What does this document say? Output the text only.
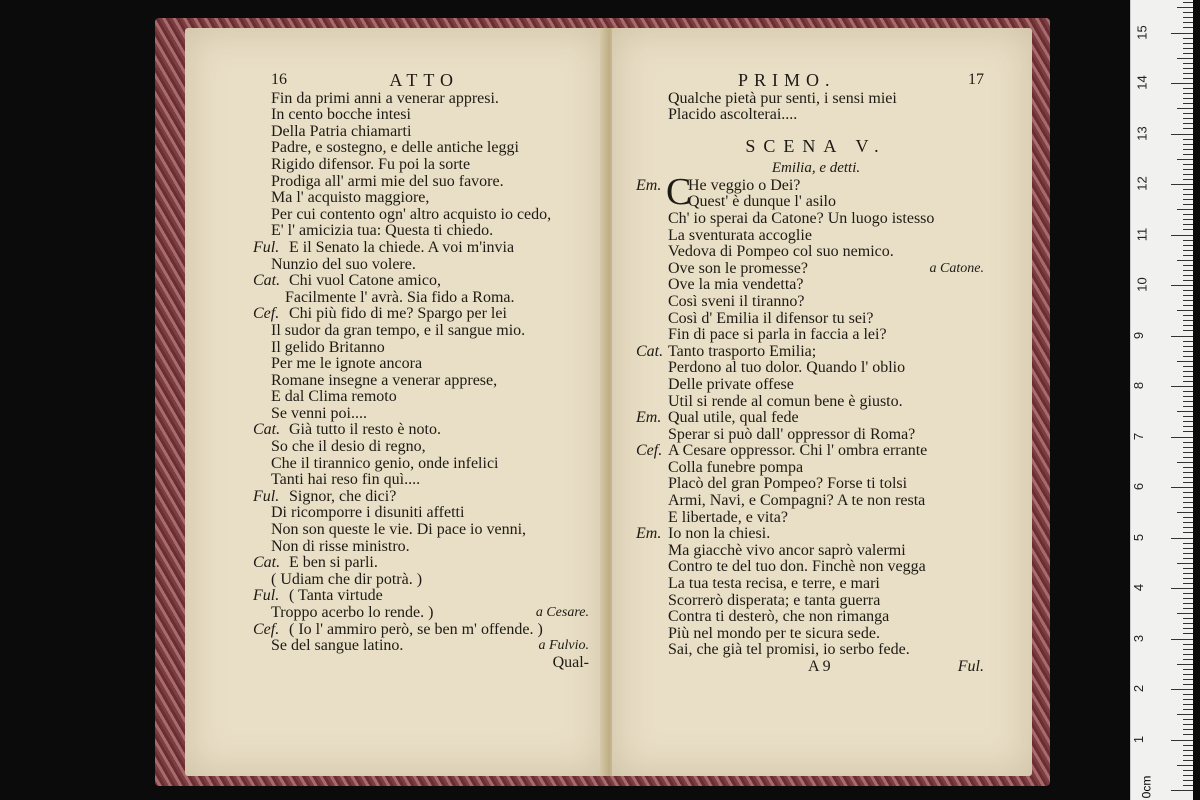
16	ATTO
Fin da primi anni a venerar appresi.
In cento bocche intesi
Della Patria chiamarti
Padre, e sostegno, e delle antiche leggi
Rigido difensor. Fu poi la sorte
Prodiga all' armi mie del suo favore.
Ma l' acquisto maggiore,
Per cui contento ogn' altro acquisto io cedo,
E' l' amicizia tua: Questa ti chiedo.
Ful. E il Senato la chiede. A voi m'invia
Nunzio del suo volere.
Cat. Chi vuol Catone amico,
Facilmente l' avrà. Sia fido a Roma.
Cef. Chi più fido di me? Spargo per lei
Il sudor da gran tempo, e il sangue mio.
Il gelido Britanno
Per me le ignote ancora
Romane insegne a venerar apprese,
E dal Clima remoto
Se venni poi....
Cat. Già tutto il resto è noto.
So che il desio di regno,
Che il tirannico genio, onde infelici
Tanti hai reso fin quì....
Ful. Signor, che dici?
Di ricomporre i disuniti affetti
Non son queste le vie. Di pace io venni,
Non di risse ministro.
Cat. E ben si parli.
( Udiam che dir potrà. )
Ful. ( Tanta virtude
Troppo acerbo lo rende. )	a Cesare.
Cef. ( Io l' ammiro però, se ben m' offende. )
Se del sangue latino.	a Fulvio.
Qual-
PRIMO.	17
Qualche pietà pur senti, i sensi miei
Placido ascolterai....
SCENA V.
Emilia, e detti.
Em. He veggio o Dei?
C
Quest' è dunque l' asilo
Ch' io sperai da Catone? Un luogo istesso
La sventurata accoglie
Vedova di Pompeo col suo nemico.
Ove son le promesse?	a Catone.
Ove la mia vendetta?
Così sveni il tiranno?
Così d' Emilia il difensor tu sei?
Fin di pace si parla in faccia a lei?
Cat. Tanto trasporto Emilia;
Perdono al tuo dolor. Quando l' oblio
Delle private offese
Util si rende al comun bene è giusto.
Em. Qual utile, qual fede
Sperar si può dall' oppressor di Roma?
Cef. A Cesare oppressor. Chi l' ombra errante
Colla funebre pompa
Placò del gran Pompeo? Forse ti tolsi
Armi, Navi, e Compagni? A te non resta
E libertade, e vita?
Em. Io non la chiesi.
Ma giacchè vivo ancor saprò valermi
Contro te del tuo don. Finchè non vegga
La tua testa recisa, e terre, e mari
Scorrerò disperata; e tanta guerra
Contra ti desterò, che non rimanga
Più nel mondo per te sicura sede.
Sai, che già tel promisi, io serbo fede.
A 9	Ful.
0cm
1
2
3
4
5
6
7
8
9
10
11
12
13
14
15
